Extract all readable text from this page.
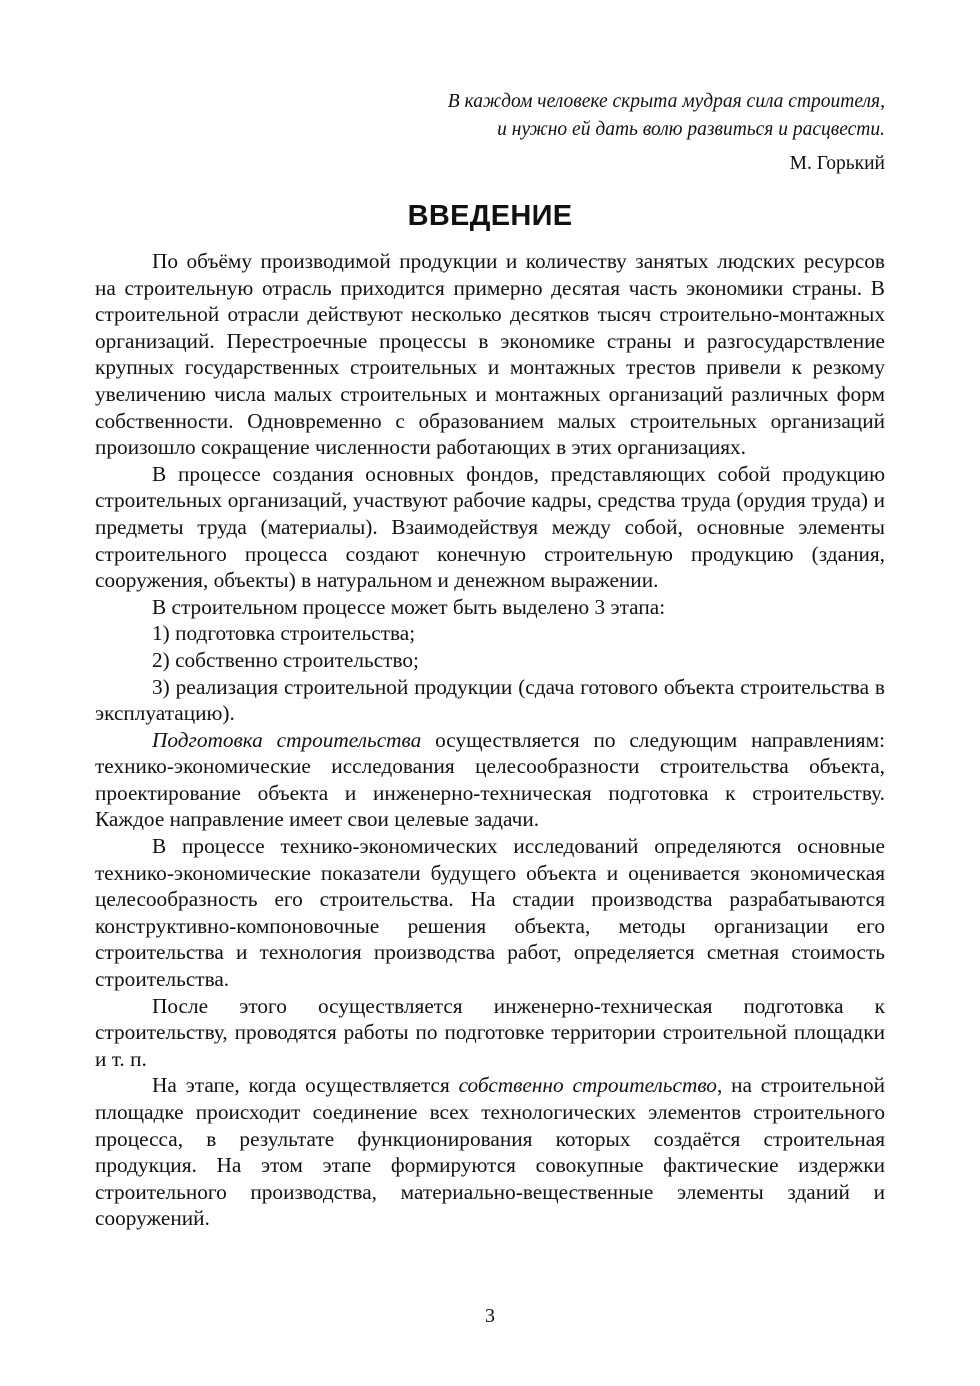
В каждом человеке скрыта мудрая сила строителя,
и нужно ей дать волю развиться и расцвести.
М. Горький
ВВЕДЕНИЕ

По объёму производимой продукции и количеству занятых людских ресурсов на строительную отрасль приходится примерно десятая часть экономики страны. В строительной отрасли действуют несколько десятков тысяч строительно-монтажных организаций. Перестроечные процессы в экономике страны и разгосударствление крупных государственных строительных и монтажных трестов привели к резкому увеличению числа малых строительных и монтажных организаций различных форм собственности. Одновременно с образованием малых строительных организаций произошло сокращение численности работающих в этих организациях.

В процессе создания основных фондов, представляющих собой продукцию строительных организаций, участвуют рабочие кадры, средства труда (орудия труда) и предметы труда (материалы). Взаимодействуя между собой, основные элементы строительного процесса создают конечную строительную продукцию (здания, сооружения, объекты) в натуральном и денежном выражении.

В строительном процессе может быть выделено 3 этапа:

1) подготовка строительства;

2) собственно строительство;

3) реализация строительной продукции (сдача готового объекта строительства в эксплуатацию).

Подготовка строительства осуществляется по следующим направлениям: технико-экономические исследования целесообразности строительства объекта, проектирование объекта и инженерно-техническая подготовка к строительству. Каждое направление имеет свои целевые задачи.

В процессе технико-экономических исследований определяются основные технико-экономические показатели будущего объекта и оценивается экономическая целесообразность его строительства. На стадии производства разрабатываются конструктивно-компоновочные решения объекта, методы организации его строительства и технология производства работ, определяется сметная стоимость строительства.

После этого осуществляется инженерно-техническая подготовка к строительству, проводятся работы по подготовке территории строительной площадки и т. п.

На этапе, когда осуществляется собственно строительство, на строительной площадке происходит соединение всех технологических элементов строительного процесса, в результате функционирования которых создаётся строительная продукция. На этом этапе формируются совокупные фактические издержки строительного производства, материально-вещественные элементы зданий и сооружений.

3
